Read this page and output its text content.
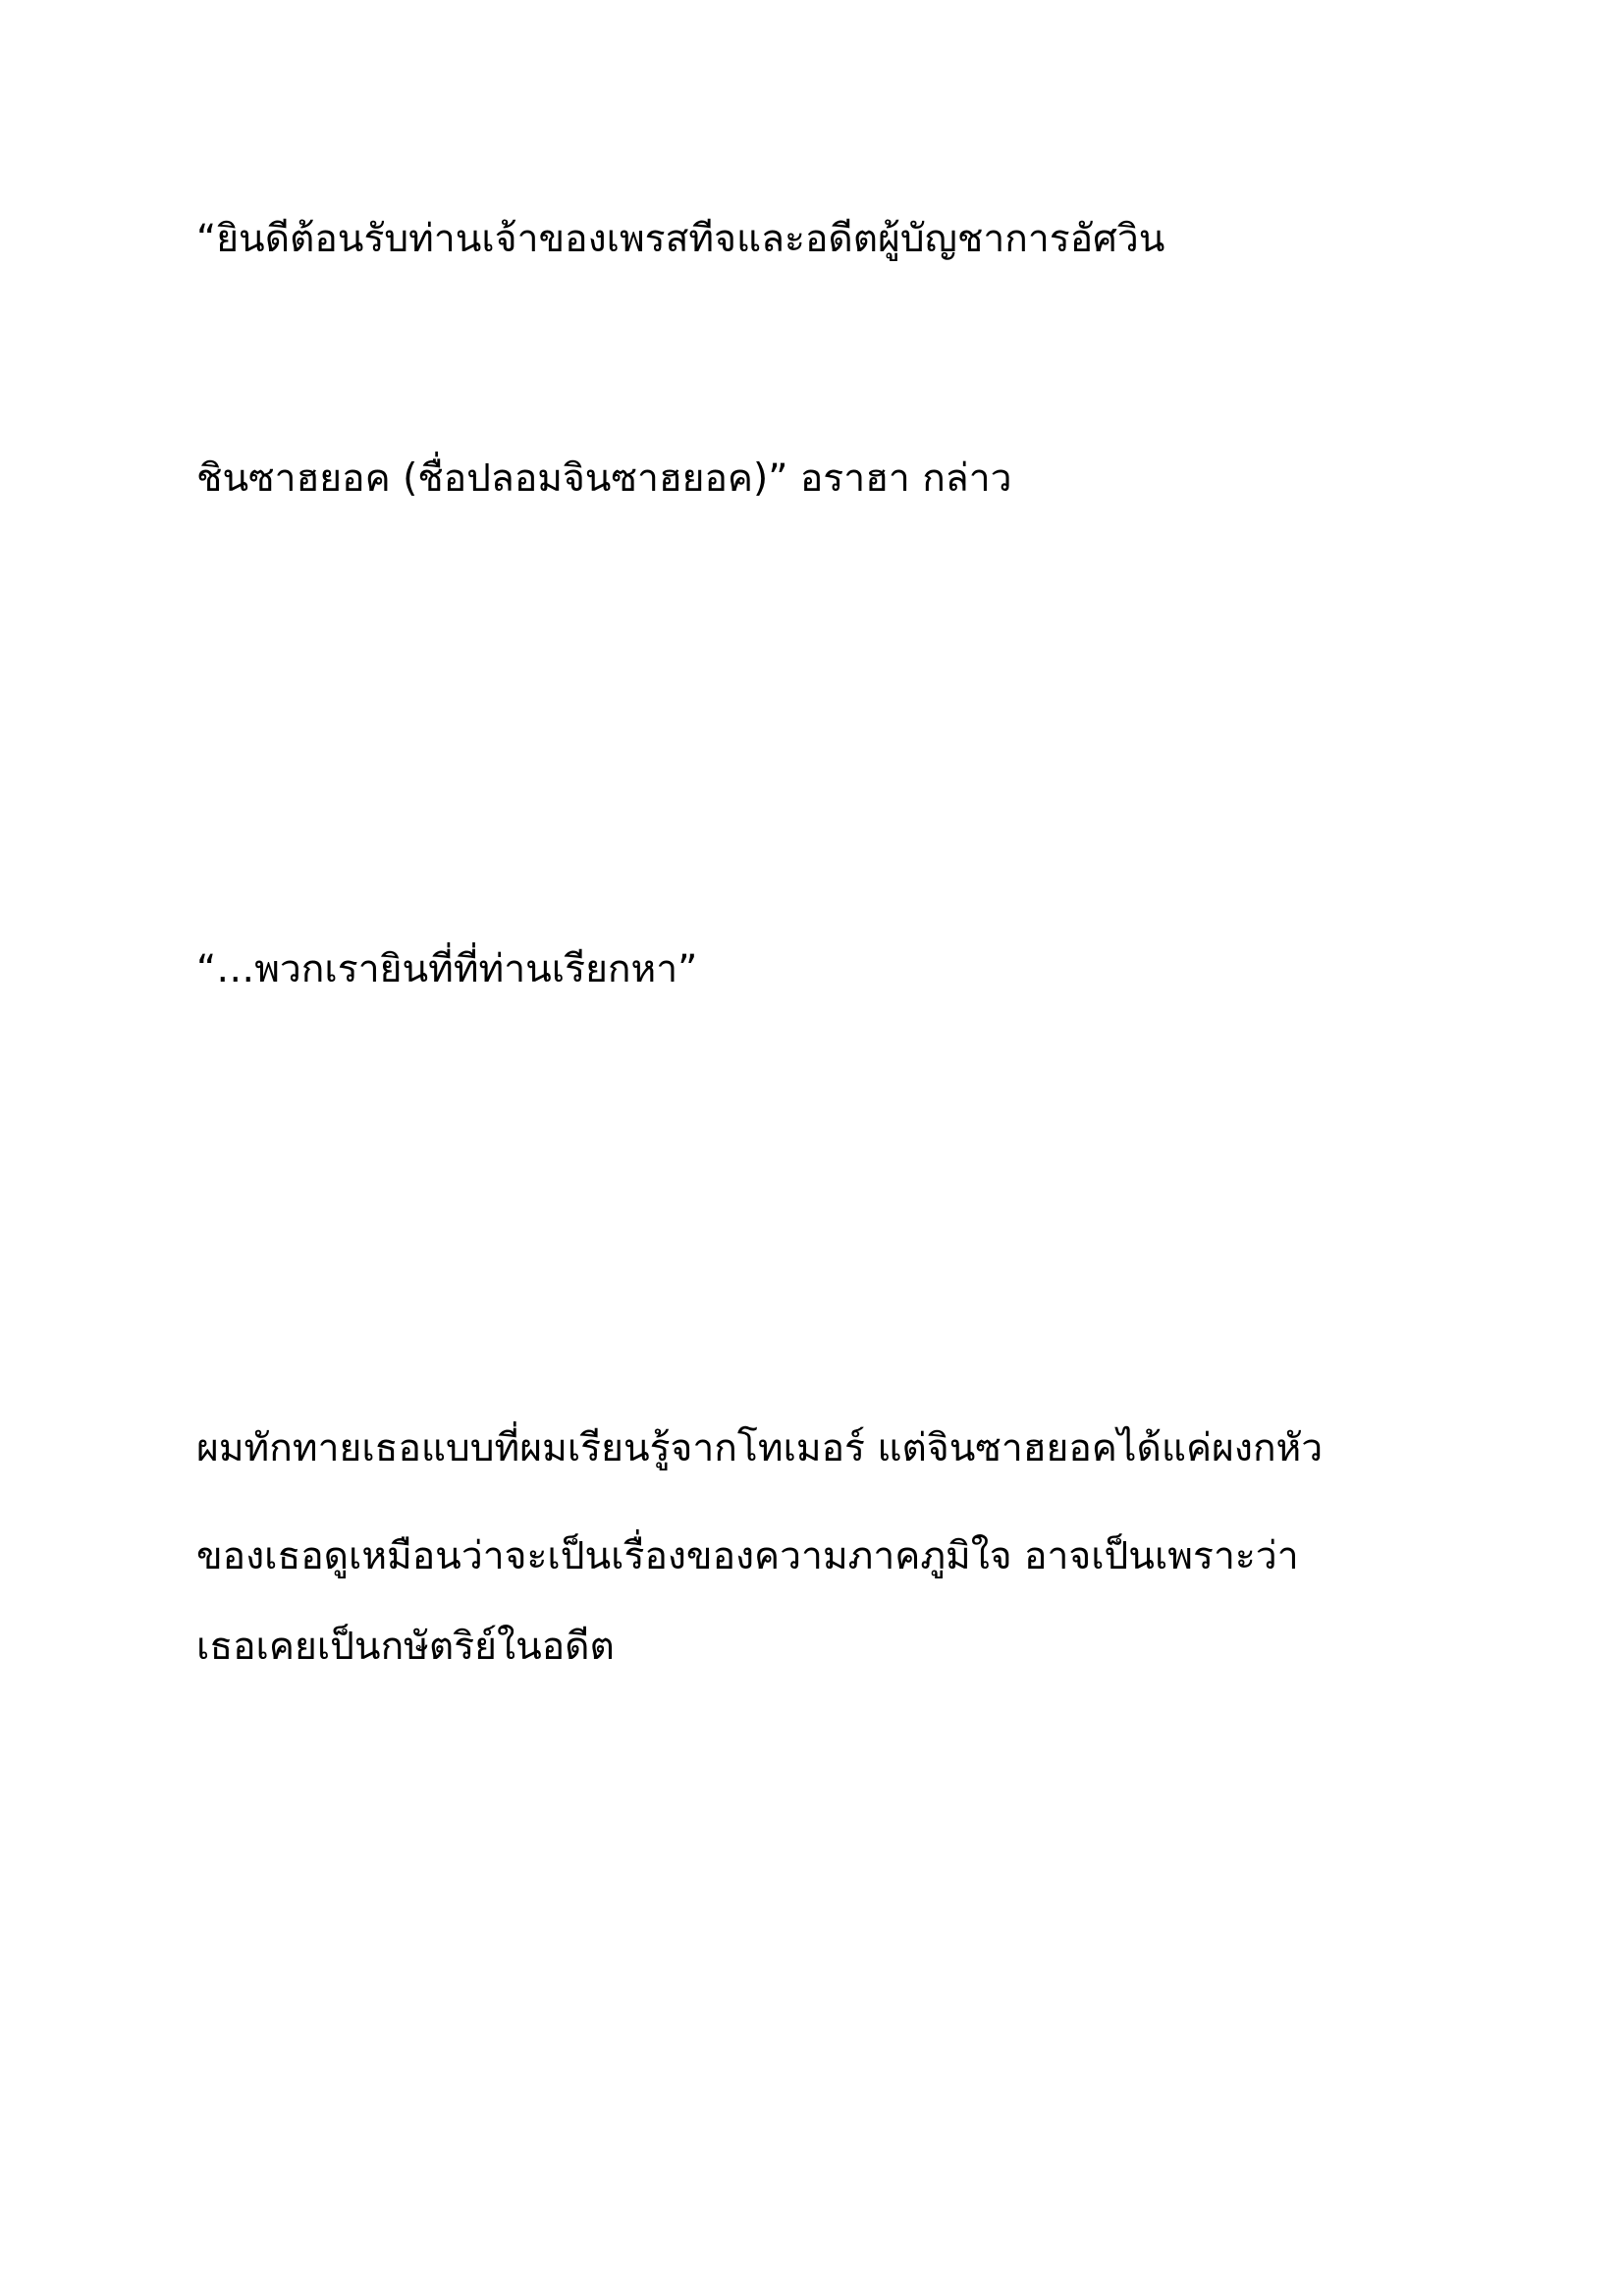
“ยินดีต้อนรับท่านเจ้าของเพรสทีจและอดีตผู้บัญชาการอัศวิน

ชินซาฮยอค (ชื่อปลอมจินซาฮยอค)” อราฮา กล่าว

“…พวกเรายินที่ที่ท่านเรียกหา”

ผมทักทายเธอแบบที่ผมเรียนรู้จากโทเมอร์ แต่จินซาฮยอคได้แค่ผงกหัว

ของเธอดูเหมือนว่าจะเป็นเรื่องของความภาคภูมิใจ อาจเป็นเพราะว่า

เธอเคยเป็นกษัตริย์ในอดีต
